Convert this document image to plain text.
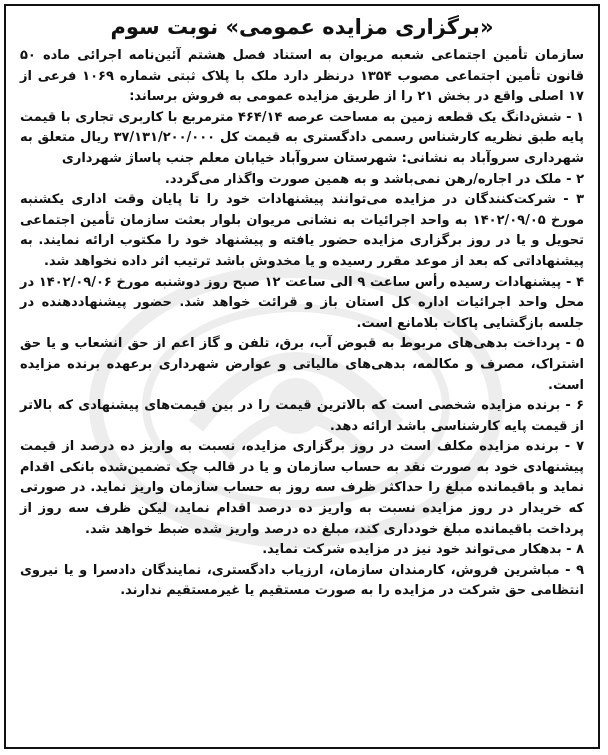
«برگزاری مزایده عمومی» نوبت سوم

سازمان تأمین اجتماعی شعبه مریوان به استناد فصل هشتم آئین‌نامه اجرائی ماده ۵۰ قانون تأمین اجتماعی مصوب ۱۳۵۴ درنظر دارد ملک با پلاک ثبتی شماره ۱۰۶۹ فرعی از ۱۷ اصلی واقع در بخش ۲۱ را از طریق مزایده عمومی به فروش برساند:

۱ - شش‌دانگ یک قطعه زمین به مساحت عرصه ۴۶۴/۱۴ مترمربع با کاربری تجاری با قیمت پایه طبق نظریه کارشناس رسمی دادگستری به قیمت کل ۳۷/۱۳۱/۲۰۰/۰۰۰ ریال متعلق به شهرداری سروآباد به نشانی: شهرستان سروآباد خیابان معلم جنب پاساژ شهرداری

۲ - ملک در اجاره/رهن نمی‌باشد و به همین صورت واگذار می‌گردد.

۳ - شرکت‌کنندگان در مزایده می‌توانند پیشنهادات خود را تا پایان وقت اداری یکشنبه مورخ ۱۴۰۲/۰۹/۰۵ به واحد اجرائیات به نشانی مریوان بلوار بعثت سازمان تأمین اجتماعی تحویل و یا در روز برگزاری مزایده حضور یافته و پیشنهاد خود را مکتوب ارائه نمایند. به پیشنهاداتی که بعد از موعد مقرر رسیده و یا مخدوش باشد ترتیب اثر داده نخواهد شد.

۴ - پیشنهادات رسیده رأس ساعت ۹ الی ساعت ۱۲ صبح روز دوشنبه مورخ ۱۴۰۲/۰۹/۰۶ در محل واحد اجرائیات اداره کل استان باز و قرائت خواهد شد. حضور پیشنهاددهنده در جلسه بازگشایی پاکات بلامانع است.

۵ - پرداخت بدهی‌های مربوط به قبوض آب، برق، تلفن و گاز اعم از حق انشعاب و یا حق اشتراک، مصرف و مکالمه، بدهی‌های مالیاتی و عوارض شهرداری برعهده برنده مزایده است.

۶ - برنده مزایده شخصی است که بالاترین قیمت را در بین قیمت‌های پیشنهادی که بالاتر از قیمت پایه کارشناسی باشد ارائه دهد.

۷ - برنده مزایده مکلف است در روز برگزاری مزایده، نسبت به واریز ده درصد از قیمت پیشنهادی خود به صورت نقد به حساب سازمان و یا در قالب چک تضمین‌شده بانکی اقدام نماید و باقیمانده مبلغ را حداکثر ظرف سه روز به حساب سازمان واریز نماید. در صورتی که خریدار در روز مزایده نسبت به واریز ده درصد اقدام نماید، لیکن ظرف سه روز از پرداخت باقیمانده مبلغ خودداری کند، مبلغ ده درصد واریز شده ضبط خواهد شد.

۸ - بدهکار می‌تواند خود نیز در مزایده شرکت نماید.

۹ - مباشرین فروش، کارمندان سازمان، ارزیاب دادگستری، نمایندگان دادسرا و یا نیروی انتظامی حق شرکت در مزایده را به صورت مستقیم یا غیرمستقیم ندارند.
